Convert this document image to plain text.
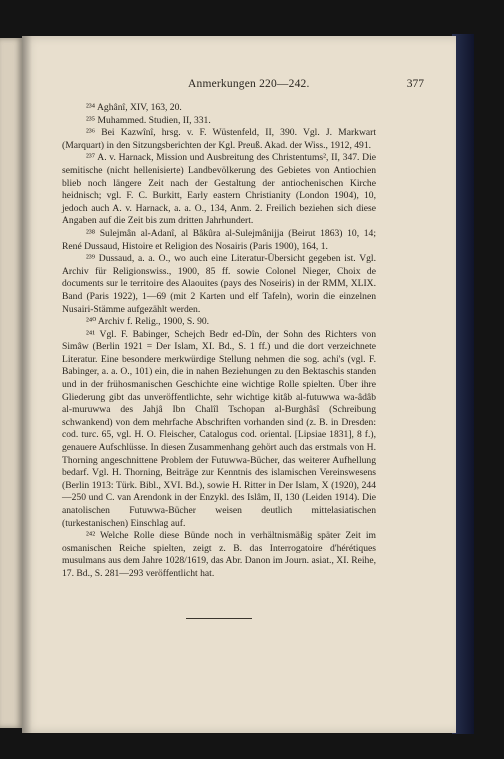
Anmerkungen 220—242.	377

²³⁴ Aghânî, XIV, 163, 20.

²³⁵ Muhammed. Studien, II, 331.

²³⁶ Bei Kazwînî, hrsg. v. F. Wüstenfeld, II, 390. Vgl. J. Markwart (Marquart) in den Sitzungsberichten der Kgl. Preuß. Akad. der Wiss., 1912, 491.

²³⁷ A. v. Harnack, Mission und Ausbreitung des Christentums², II, 347. Die semitische (nicht hellenisierte) Landbevölkerung des Gebietes von Antiochien blieb noch längere Zeit nach der Gestaltung der antiochenischen Kirche heidnisch; vgl. F. C. Burkitt, Early eastern Christianity (London 1904), 10, jedoch auch A. v. Harnack, a. a. O., 134, Anm. 2. Freilich beziehen sich diese Angaben auf die Zeit bis zum dritten Jahrhundert.

²³⁸ Sulejmân al-Adanî, al Bâkûra al-Sulejmânijja (Beirut 1863) 10, 14; René Dussaud, Histoire et Religion des Nosairis (Paris 1900), 164, 1.

²³⁹ Dussaud, a. a. O., wo auch eine Literatur-Übersicht gegeben ist. Vgl. Archiv für Religionswiss., 1900, 85 ff. sowie Colonel Nieger, Choix de documents sur le territoire des Alaouites (pays des Noseiris) in der RMM, XLIX. Band (Paris 1922), 1—69 (mit 2 Karten und elf Tafeln), worin die einzelnen Nusairi-Stämme aufgezählt werden.

²⁴⁰ Archiv f. Relig., 1900, S. 90.

²⁴¹ Vgl. F. Babinger, Schejch Bedr ed-Dîn, der Sohn des Richters von Simâw (Berlin 1921 = Der Islam, XI. Bd., S. 1 ff.) und die dort verzeichnete Literatur. Eine besondere merkwürdige Stellung nehmen die sog. achi's (vgl. F. Babinger, a. a. O., 101) ein, die in nahen Beziehungen zu den Bektaschis standen und in der frühosmanischen Geschichte eine wichtige Rolle spielten. Über ihre Gliederung gibt das unveröffentlichte, sehr wichtige kitâb al-futuwwa wa-âdâb al-muruwwa des Jahjâ Ibn Chalîl Tschopan al-Burghâsî (Schreibung schwankend) von dem mehrfache Abschriften vorhanden sind (z. B. in Dresden: cod. turc. 65, vgl. H. O. Fleischer, Catalogus cod. oriental. [Lipsiae 1831], 8 f.), genauere Aufschlüsse. In diesen Zusammenhang gehört auch das erstmals von H. Thorning angeschnittene Problem der Futuwwa-Bücher, das weiterer Aufhellung bedarf. Vgl. H. Thorning, Beiträge zur Kenntnis des islamischen Vereinswesens (Berlin 1913: Türk. Bibl., XVI. Bd.), sowie H. Ritter in Der Islam, X (1920), 244—250 und C. van Arendonk in der Enzykl. des Islâm, II, 130 (Leiden 1914). Die anatolischen Futuwwa-Bücher weisen deutlich mittelasiatischen (turkestanischen) Einschlag auf.

²⁴² Welche Rolle diese Bünde noch in verhältnismäßig später Zeit im osmanischen Reiche spielten, zeigt z. B. das Interrogatoire d'hérétiques musulmans aus dem Jahre 1028/1619, das Abr. Danon im Journ. asiat., XI. Reihe, 17. Bd., S. 281—293 veröffentlicht hat.
